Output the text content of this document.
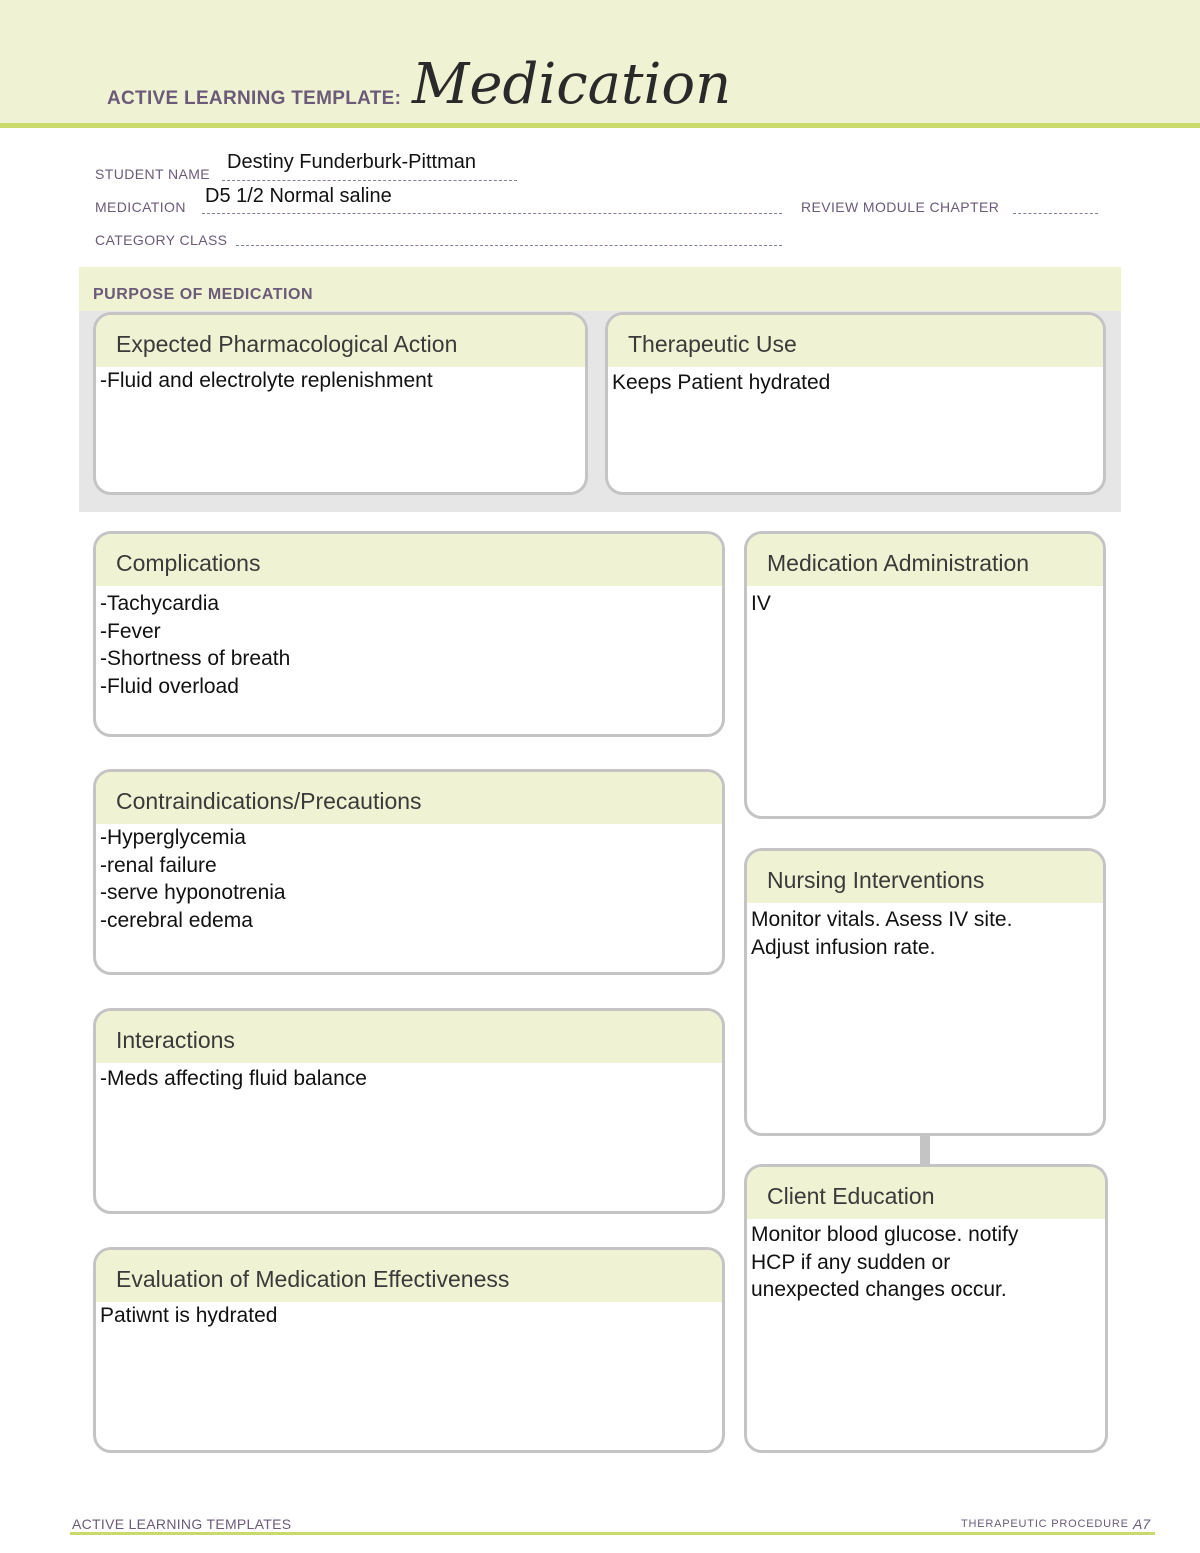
ACTIVE LEARNING TEMPLATE: Medication
STUDENT NAME
Destiny Funderburk-Pittman
MEDICATION D5 1/2 Normal saline	REVIEW MODULE CHAPTER
CATEGORY CLASS
PURPOSE OF MEDICATION
Expected Pharmacological Action
-Fluid and electrolyte replenishment
Therapeutic Use
Keeps Patient hydrated
Complications
-Tachycardia
-Fever
-Shortness of breath
-Fluid overload
Contraindications/Precautions
-Hyperglycemia
-renal failure
-serve hyponotrenia
-cerebral edema
Interactions
-Meds affecting fluid balance
Evaluation of Medication Effectiveness
Patiwnt is hydrated
Medication Administration
IV
Nursing Interventions
Monitor vitals. Asess IV site.
Adjust infusion rate.
Client Education
Monitor blood glucose. notify
HCP if any sudden or
unexpected changes occur.
ACTIVE LEARNING TEMPLATES	THERAPEUTIC PROCEDURE A7
